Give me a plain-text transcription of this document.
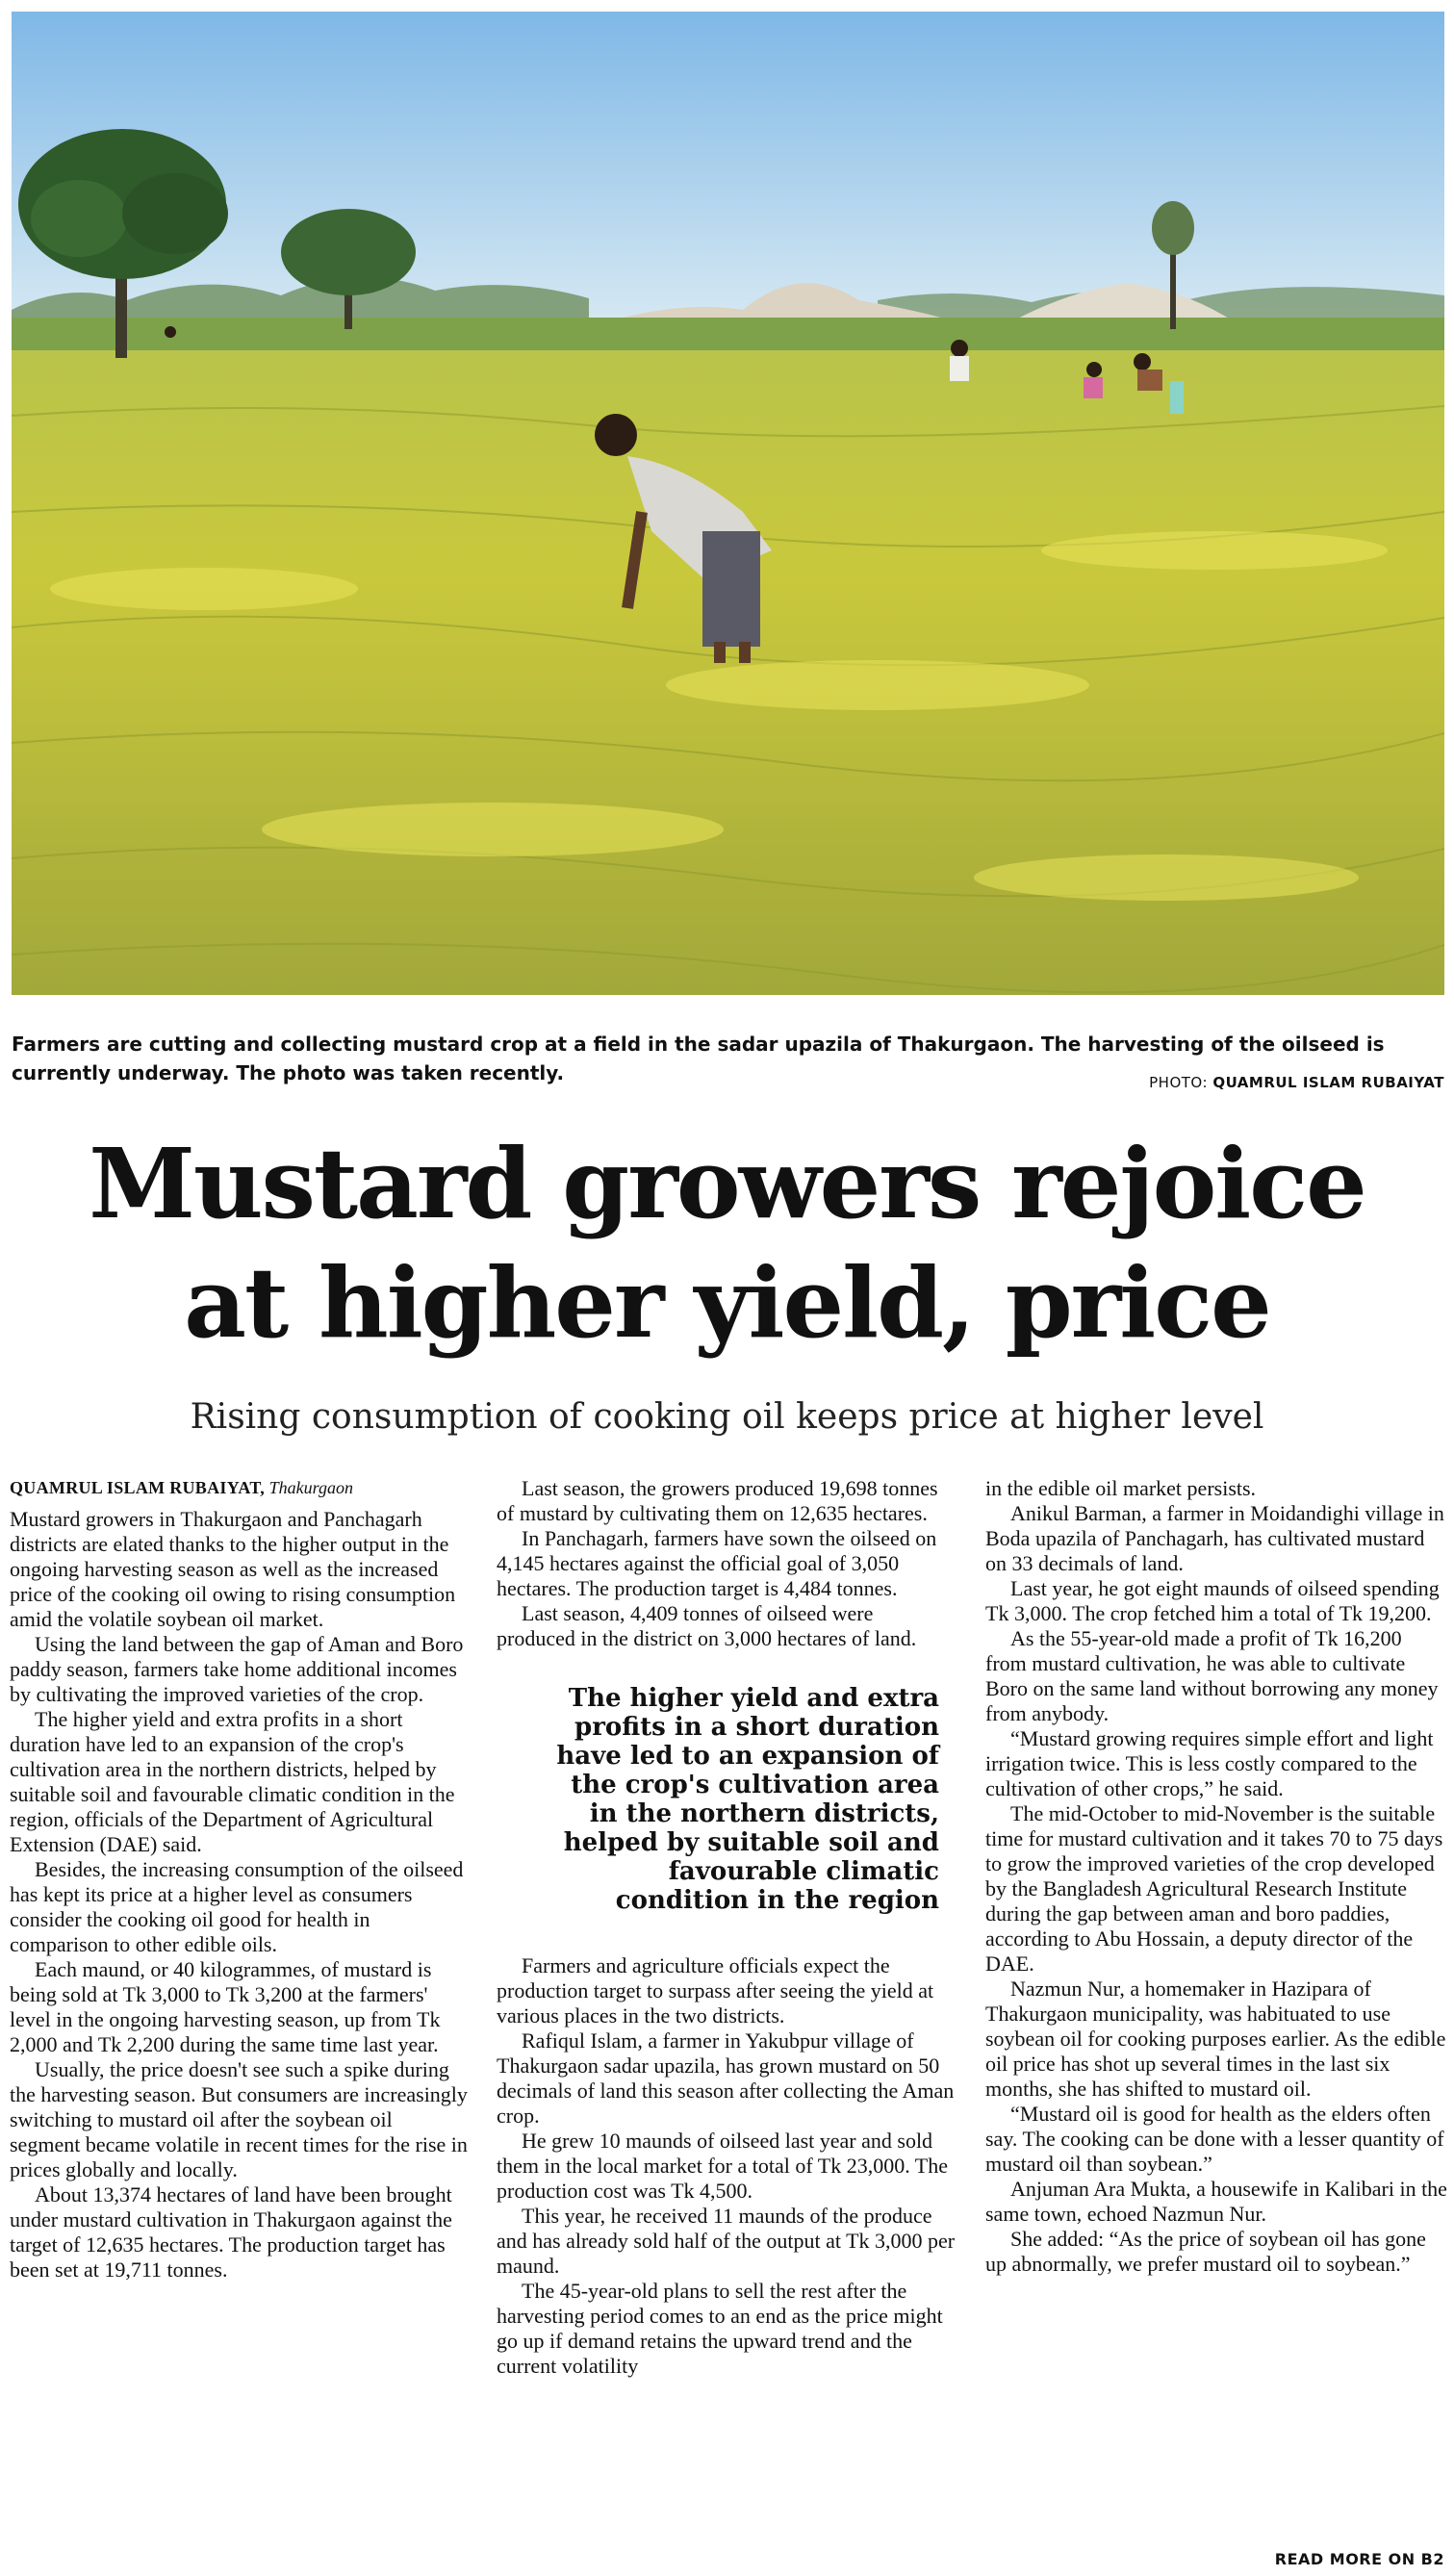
Farmers are cutting and collecting mustard crop at a field in the sadar upazila of Thakurgaon. The harvesting of the oilseed is currently underway. The photo was taken recently.	PHOTO: QUAMRUL ISLAM RUBAIYAT
Mustard growers rejoice
at higher yield, price
Rising consumption of cooking oil keeps price at higher level
QUAMRUL ISLAM RUBAIYAT, Thakurgaon

Mustard growers in Thakurgaon and Panchagarh districts are elated thanks to the higher output in the ongoing harvesting season as well as the increased price of the cooking oil owing to rising consumption amid the volatile soybean oil market.

Using the land between the gap of Aman and Boro paddy season, farmers take home additional incomes by cultivating the improved varieties of the crop.

The higher yield and extra profits in a short duration have led to an expansion of the crop's cultivation area in the northern districts, helped by suitable soil and favourable climatic condition in the region, officials of the Department of Agricultural Extension (DAE) said.

Besides, the increasing consumption of the oilseed has kept its price at a higher level as consumers consider the cooking oil good for health in comparison to other edible oils.

Each maund, or 40 kilogrammes, of mustard is being sold at Tk 3,000 to Tk 3,200 at the farmers' level in the ongoing harvesting season, up from Tk 2,000 and Tk 2,200 during the same time last year.

Usually, the price doesn't see such a spike during the harvesting season. But consumers are increasingly switching to mustard oil after the soybean oil segment became volatile in recent times for the rise in prices globally and locally.

About 13,374 hectares of land have been brought under mustard cultivation in Thakurgaon against the target of 12,635 hectares. The production target has been set at 19,711 tonnes.

Last season, the growers produced 19,698 tonnes of mustard by cultivating them on 12,635 hectares.

In Panchagarh, farmers have sown the oilseed on 4,145 hectares against the official goal of 3,050 hectares. The production target is 4,484 tonnes.

Last season, 4,409 tonnes of oilseed were produced in the district on 3,000 hectares of land.

The higher yield and extra profits in a short duration have led to an expansion of the crop's cultivation area in the northern districts, helped by suitable soil and favourable climatic condition in the region

Farmers and agriculture officials expect the production target to surpass after seeing the yield at various places in the two districts.

Rafiqul Islam, a farmer in Yakubpur village of Thakurgaon sadar upazila, has grown mustard on 50 decimals of land this season after collecting the Aman crop.

He grew 10 maunds of oilseed last year and sold them in the local market for a total of Tk 23,000. The production cost was Tk 4,500.

This year, he received 11 maunds of the produce and has already sold half of the output at Tk 3,000 per maund.

The 45-year-old plans to sell the rest after the harvesting period comes to an end as the price might go up if demand retains the upward trend and the current volatility

in the edible oil market persists.

Anikul Barman, a farmer in Moidandighi village in Boda upazila of Panchagarh, has cultivated mustard on 33 decimals of land.

Last year, he got eight maunds of oilseed spending Tk 3,000. The crop fetched him a total of Tk 19,200.

As the 55-year-old made a profit of Tk 16,200 from mustard cultivation, he was able to cultivate Boro on the same land without borrowing any money from anybody.

“Mustard growing requires simple effort and light irrigation twice. This is less costly compared to the cultivation of other crops,” he said.

The mid-October to mid-November is the suitable time for mustard cultivation and it takes 70 to 75 days to grow the improved varieties of the crop developed by the Bangladesh Agricultural Research Institute during the gap between aman and boro paddies, according to Abu Hossain, a deputy director of the DAE.

Nazmun Nur, a homemaker in Hazipara of Thakurgaon municipality, was habituated to use soybean oil for cooking purposes earlier. As the edible oil price has shot up several times in the last six months, she has shifted to mustard oil.

“Mustard oil is good for health as the elders often say. The cooking can be done with a lesser quantity of mustard oil than soybean.”

Anjuman Ara Mukta, a housewife in Kalibari in the same town, echoed Nazmun Nur.

She added: “As the price of soybean oil has gone up abnormally, we prefer mustard oil to soybean.”

READ MORE ON B2
